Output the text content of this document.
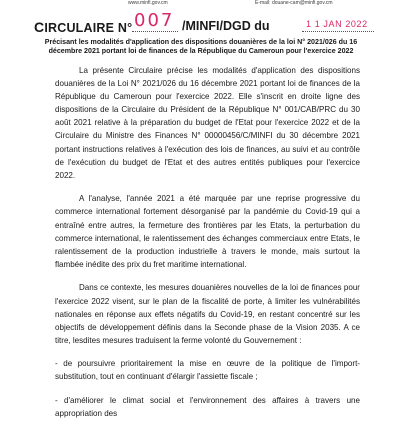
www.minfi.gov.cm	E-mail: douane-cam@minfi.gov.cm
CIRCULAIRE N° 007 /MINFI/DGD du	1 1 JAN 2022
Précisant les modalités d'application des dispositions douanières de la loi N° 2021/026 du 16 décembre 2021 portant loi de finances de la République du Cameroun pour l'exercice 2022

La présente Circulaire précise les modalités d'application des dispositions douanières de la Loi N° 2021/026 du 16 décembre 2021 portant loi de finances de la République du Cameroun pour l'exercice 2022. Elle s'inscrit en droite ligne des dispositions de la Circulaire du Président de la République N° 001/CAB/PRC du 30 août 2021 relative à la préparation du budget de l'Etat pour l'exercice 2022 et de la Circulaire du Ministre des Finances N° 00000456/C/MINFI du 30 décembre 2021 portant instructions relatives à l'exécution des lois de finances, au suivi et au contrôle de l'exécution du budget de l'Etat et des autres entités publiques pour l'exercice 2022.

A l'analyse, l'année 2021 a été marquée par une reprise progressive du commerce international fortement désorganisé par la pandémie du Covid-19 qui a entraîné entre autres, la fermeture des frontières par les Etats, la perturbation du commerce international, le ralentissement des échanges commerciaux entre Etats, le ralentissement de la production industrielle à travers le monde, mais surtout la flambée inédite des prix du fret maritime international.

Dans ce contexte, les mesures douanières nouvelles de la loi de finances pour l'exercice 2022 visent, sur le plan de la fiscalité de porte, à limiter les vulnérabilités nationales en réponse aux effets négatifs du Covid-19, en restant concentré sur les objectifs de développement définis dans la Seconde phase de la Vision 2035. A ce titre, lesdites mesures traduisent la ferme volonté du Gouvernement :

- de poursuivre prioritairement la mise en œuvre de la politique de l'import-substitution, tout en continuant d'élargir l'assiette fiscale ;

- d'améliorer le climat social et l'environnement des affaires à travers une appropriation des
